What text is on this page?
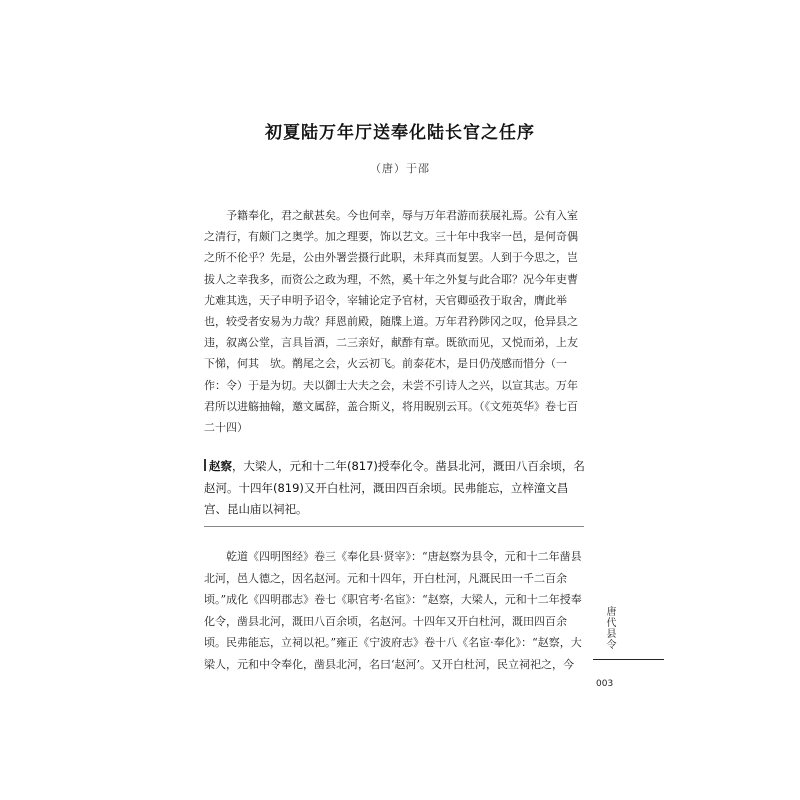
初夏陆万年厅送奉化陆长官之任序
（唐）于邵

予籍奉化，君之献甚矣。今也何幸，辱与万年君游而获展礼焉。公有入室之清行，有颇门之奥学。加之理要，饰以艺文。三十年中我宰一邑，是何奇偶之所不伦乎？先是，公由外署尝摄行此职，未拜真而复罢。人到于今思之，岂拔人之幸我多，而资公之政为理，不然，奚十年之外复与此合耶？况今年吏曹尤难其选，天子申明予诏令，宰辅论定予官材，天官卿亟孜于取舍，膺此举也，较受者安易为力哉？拜恩前殿，随牒上道。万年君矜陟冈之叹，伧异县之违，叙离公堂，言具旨酒，二三亲好，献酢有章。既欲而见，又悦而弟，上友下悌，何其　欤。鹡尾之会，火云初飞。前泰花木，是日仍茂感而惜分（一作：令）于是为切。夫以御士大夫之会，未尝不引诗人之兴，以宣其志。万年君所以进觞抽翰，邀文属辞，盖合斯义，将用睨别云耳。（《文苑英华》卷七百二十四）

赵察，大梁人，元和十二年(817)授奉化令。凿县北河，溉田八百余顷，名赵河。十四年(819)又开白杜河，溉田四百余顷。民弗能忘，立梓潼文昌宫、昆山庙以祠祀。

乾道《四明图经》卷三《奉化县·贤宰》：“唐赵察为县令，元和十二年凿县北河，邑人德之，因名赵河。元和十四年，开白杜河，凡溉民田一千二百余顷。”成化《四明郡志》卷七《职官考·名宦》：“赵察，大梁人，元和十二年授奉化令，凿县北河，溉田八百余顷，名赵河。十四年又开白杜河，溉田四百余顷。民弗能忘，立祠以祀。”雍正《宁波府志》卷十八《名宦·奉化》：“赵察，大梁人，元和中令奉化，凿县北河，名曰‘赵河’。又开白杜河，民立祠祀之，今

唐代县令
003
